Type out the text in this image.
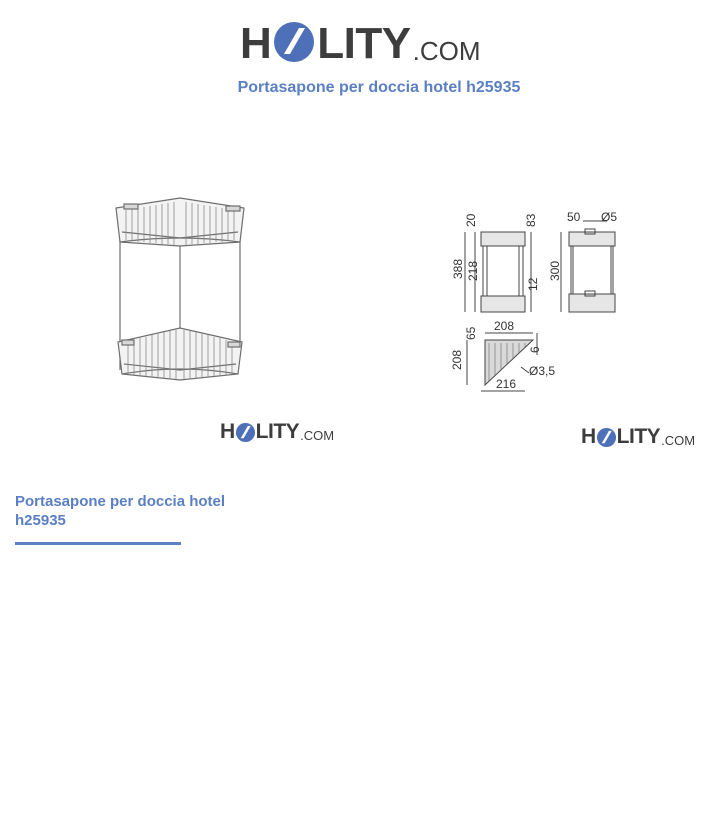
H LITY .COM
Portasapone per doccia hotel h25935
20	83
388 218
12
300
50 Ø5
208
65
6
208
216
Ø3,5
H LITY .COM	H LITY .COM
Portasapone per doccia hotel h25935
